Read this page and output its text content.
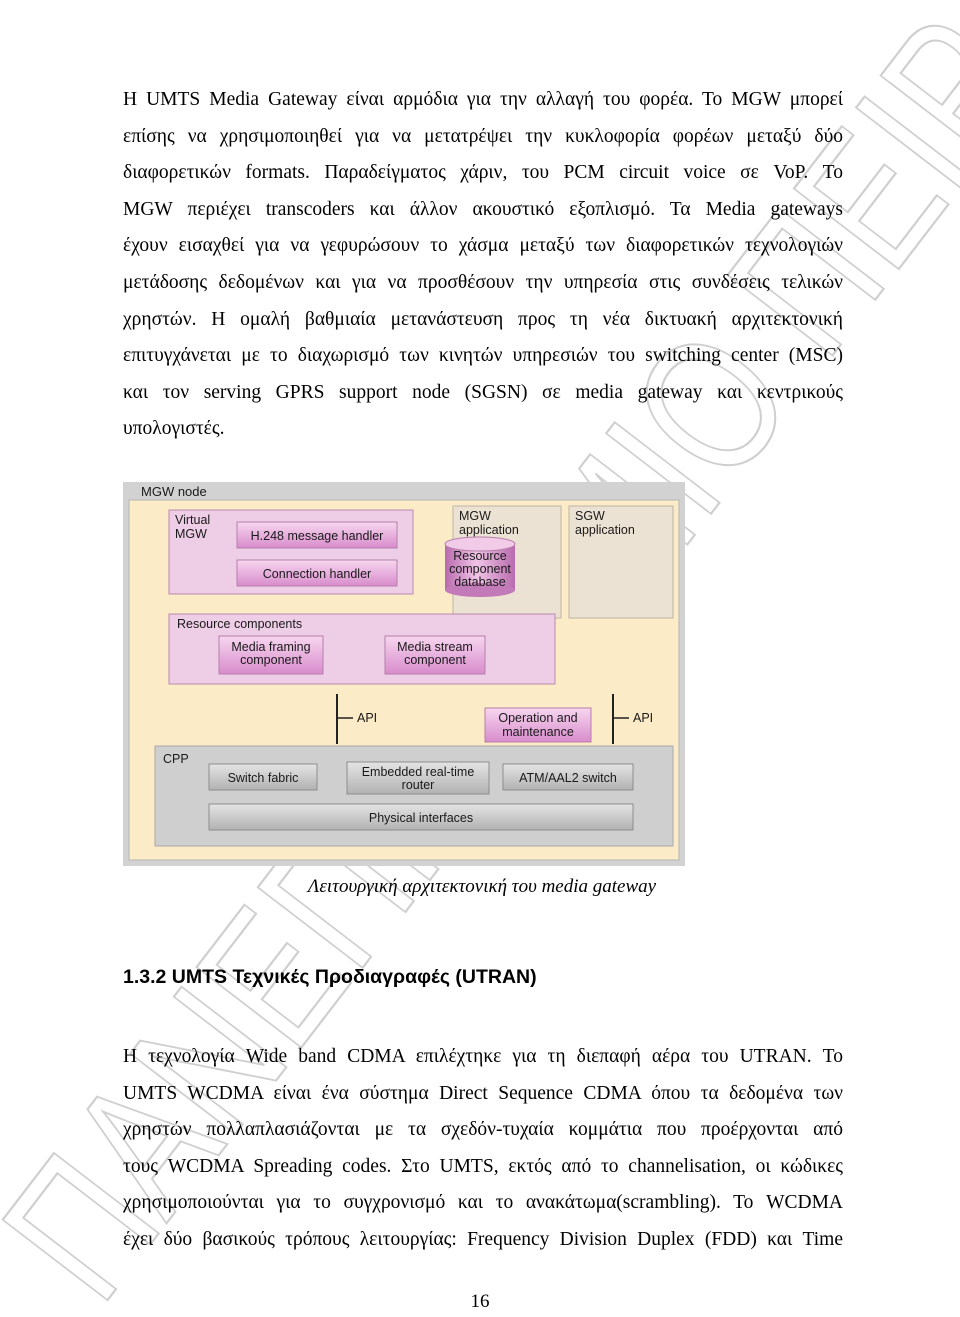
Η UMTS Media Gateway είναι αρμόδια για την αλλαγή του φορέα. Το MGW μπορεί
επίσης να χρησιμοποιηθεί για να μετατρέψει την κυκλοφορία φορέων μεταξύ δύο
διαφορετικών formats. Παραδείγματος χάριν, του PCM circuit voice σε VoP. Το
MGW περιέχει transcoders και άλλον ακουστικό εξοπλισμό. Τα Media gateways
έχουν εισαχθεί για να γεφυρώσουν το χάσμα μεταξύ των διαφορετικών τεχνολογιών
μετάδοσης δεδομένων και για να προσθέσουν την υπηρεσία στις συνδέσεις τελικών
χρηστών. Η ομαλή βαθμιαία μετανάστευση προς τη νέα δικτυακή αρχιτεκτονική
επιτυγχάνεται με το διαχωρισμό των κινητών υπηρεσιών του switching center (MSC)
και τον serving GPRS support node (SGSN) σε media gateway και κεντρικούς
υπολογιστές.
MGW node
Virtual
MGW	H.248 message handler
Connection handler
MGW
application
Resource
component
database
SGW
application
Resource components
Media framing
component
Media stream
component
API	API
Operation and
maintenance
CPP
Switch fabric	Embedded real-time
router	ATM/AAL2 switch
Physical interfaces
Λειτουργική αρχιτεκτονική του media gateway
1.3.2 UMTS Τεχνικές Προδιαγραφές (UTRAN)
Η τεχνολογία Wide band CDMA επιλέχτηκε για τη διεπαφή αέρα του UTRAN. Το
UMTS WCDMA είναι ένα σύστημα Direct Sequence CDMA όπου τα δεδομένα των
χρηστών πολλαπλασιάζονται με τα σχεδόν-τυχαία κομμάτια που προέρχονται από
τους WCDMA Spreading codes. Στο UMTS, εκτός από το channelisation, οι κώδικες
χρησιμοποιούνται για το συγχρονισμό και το ανακάτωμα(scrambling). Το WCDMA
έχει δύο βασικούς τρόπους λειτουργίας: Frequency Division Duplex (FDD) και Time
16
